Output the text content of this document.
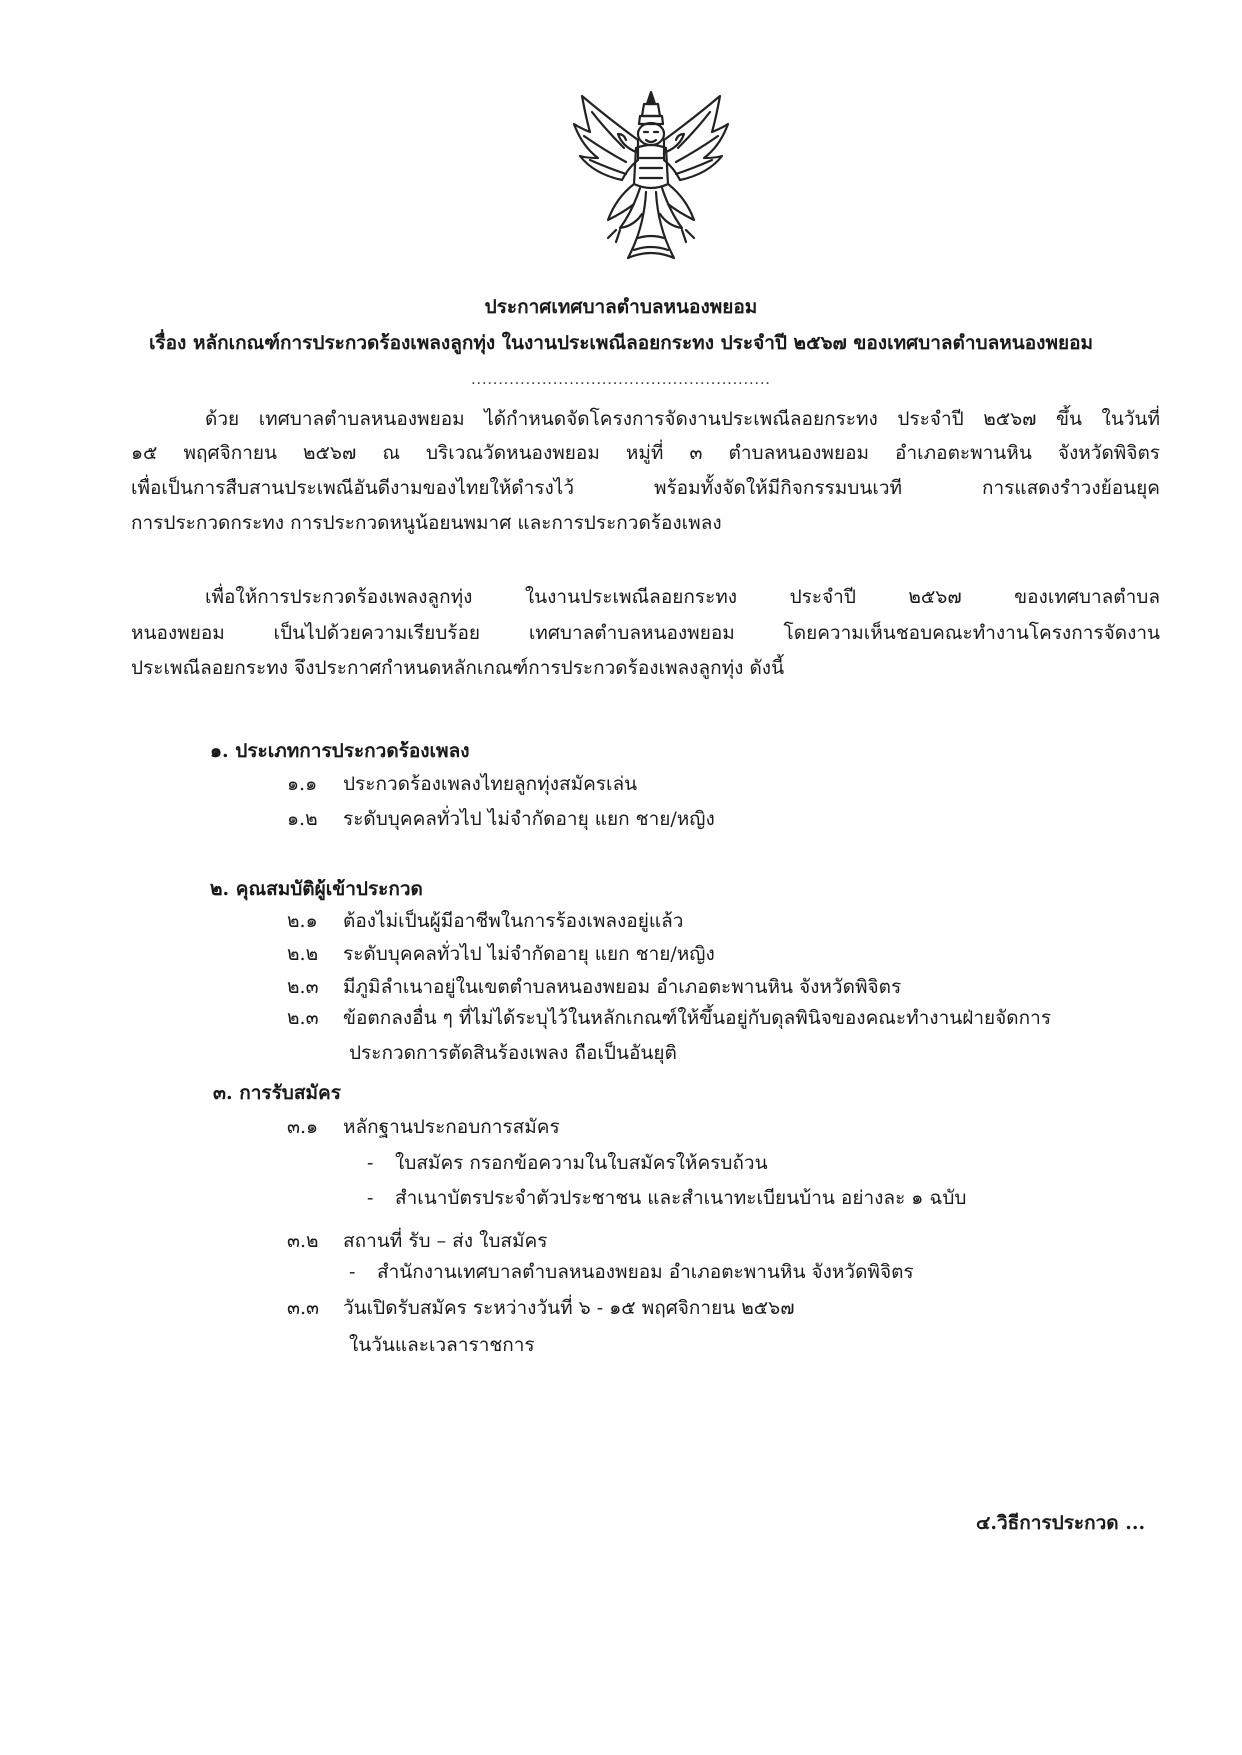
ประกาศเทศบาลตำบลหนองพยอม
เรื่อง หลักเกณฑ์การประกวดร้องเพลงลูกทุ่ง ในงานประเพณีลอยกระทง ประจำปี ๒๕๖๗ ของเทศบาลตำบลหนองพยอม
.......................................................
ด้วย เทศบาลตำบลหนองพยอม ได้กำหนดจัดโครงการจัดงานประเพณีลอยกระทง ประจำปี ๒๕๖๗ ขึ้น ในวันที่
๑๕ พฤศจิกายน ๒๕๖๗ ณ บริเวณวัดหนองพยอม หมู่ที่ ๓ ตำบลหนองพยอม อำเภอตะพานหิน จังหวัดพิจิตร
เพื่อเป็นการสืบสานประเพณีอันดีงามของไทยให้ดำรงไว้ พร้อมทั้งจัดให้มีกิจกรรมบนเวที การแสดงรำวงย้อนยุค
การประกวดกระทง การประกวดหนูน้อยนพมาศ และการประกวดร้องเพลง
เพื่อให้การประกวดร้องเพลงลูกทุ่ง ในงานประเพณีลอยกระทง ประจำปี ๒๕๖๗ ของเทศบาลตำบล
หนองพยอม เป็นไปด้วยความเรียบร้อย เทศบาลตำบลหนองพยอม โดยความเห็นชอบคณะทำงานโครงการจัดงาน
ประเพณีลอยกระทง จึงประกาศกำหนดหลักเกณฑ์การประกวดร้องเพลงลูกทุ่ง ดังนี้
๑. ประเภทการประกวดร้องเพลง
๑.๑ ประกวดร้องเพลงไทยลูกทุ่งสมัครเล่น
๑.๒ ระดับบุคคลทั่วไป ไม่จำกัดอายุ แยก ชาย/หญิง
๒. คุณสมบัติผู้เข้าประกวด
๒.๑ ต้องไม่เป็นผู้มีอาชีพในการร้องเพลงอยู่แล้ว
๒.๒ ระดับบุคคลทั่วไป ไม่จำกัดอายุ แยก ชาย/หญิง
๒.๓ มีภูมิลำเนาอยู่ในเขตตำบลหนองพยอม อำเภอตะพานหิน จังหวัดพิจิตร
๒.๓ ข้อตกลงอื่น ๆ ที่ไม่ได้ระบุไว้ในหลักเกณฑ์ให้ขึ้นอยู่กับดุลพินิจของคณะทำงานฝ่ายจัดการ
ประกวดการตัดสินร้องเพลง ถือเป็นอันยุติ
๓. การรับสมัคร
๓.๑ หลักฐานประกอบการสมัคร
- ใบสมัคร กรอกข้อความในใบสมัครให้ครบถ้วน
- สำเนาบัตรประจำตัวประชาชน และสำเนาทะเบียนบ้าน อย่างละ ๑ ฉบับ
๓.๒ สถานที่ รับ – ส่ง ใบสมัคร
- สำนักงานเทศบาลตำบลหนองพยอม อำเภอตะพานหิน จังหวัดพิจิตร
๓.๓ วันเปิดรับสมัคร ระหว่างวันที่ ๖ - ๑๕ พฤศจิกายน ๒๕๖๗
ในวันและเวลาราชการ
๔.วิธีการประกวด ...
